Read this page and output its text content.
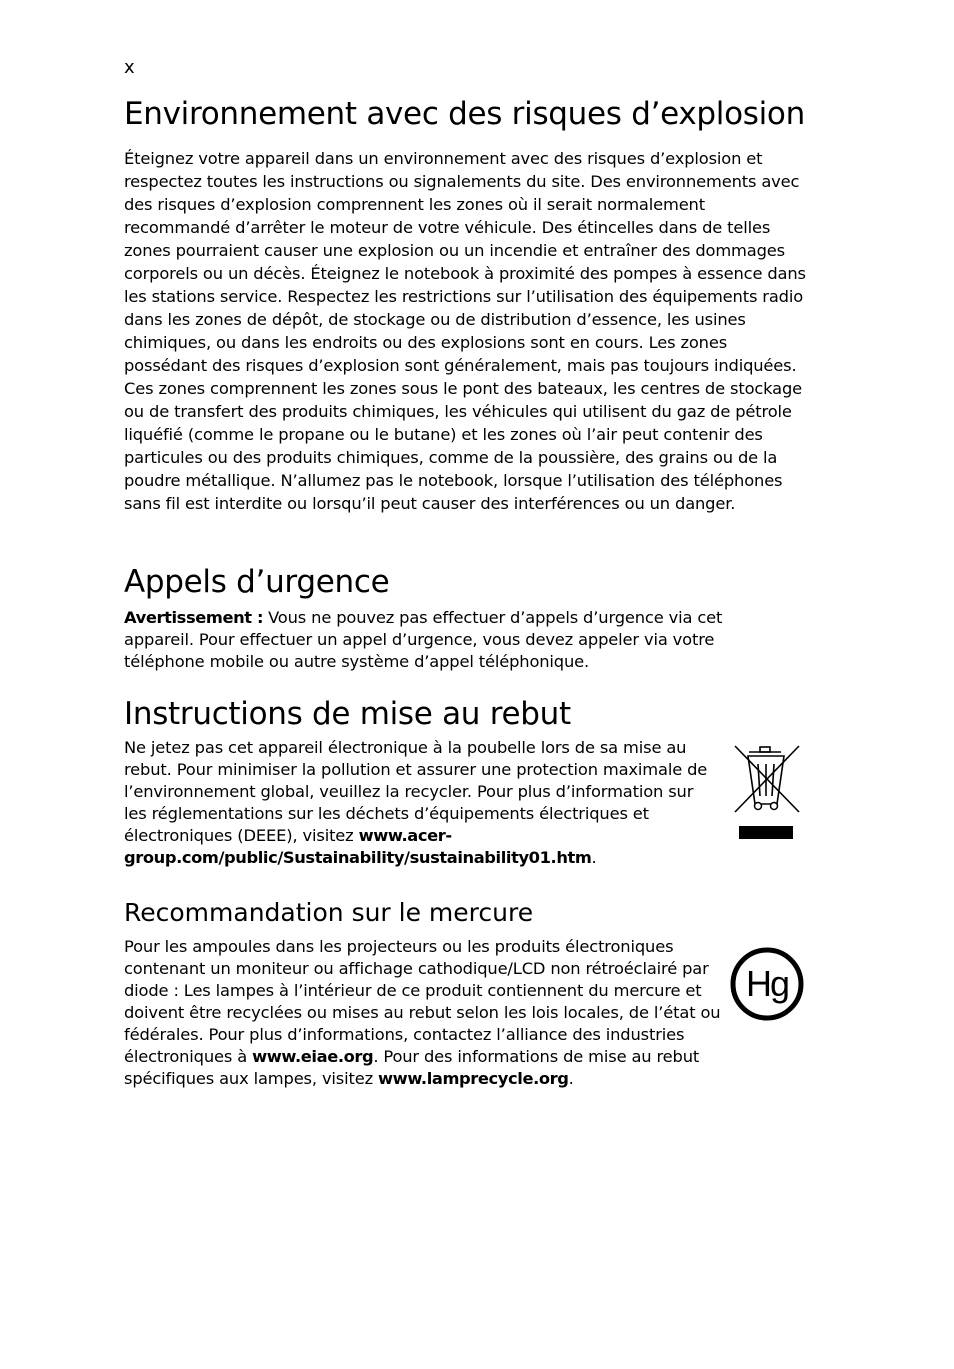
x
Environnement avec des risques d’explosion

Éteignez votre appareil dans un environnement avec des risques d’explosion et respectez toutes les instructions ou signalements du site. Des environnements avec des risques d’explosion comprennent les zones où il serait normalement recommandé d’arrêter le moteur de votre véhicule. Des étincelles dans de telles zones pourraient causer une explosion ou un incendie et entraîner des dommages corporels ou un décès. Éteignez le notebook à proximité des pompes à essence dans les stations service. Respectez les restrictions sur l’utilisation des équipements radio dans les zones de dépôt, de stockage ou de distribution d’essence, les usines chimiques, ou dans les endroits ou des explosions sont en cours. Les zones possédant des risques d’explosion sont généralement, mais pas toujours indiquées. Ces zones comprennent les zones sous le pont des bateaux, les centres de stockage ou de transfert des produits chimiques, les véhicules qui utilisent du gaz de pétrole liquéfié (comme le propane ou le butane) et les zones où l’air peut contenir des particules ou des produits chimiques, comme de la poussière, des grains ou de la poudre métallique. N’allumez pas le notebook, lorsque l’utilisation des téléphones sans fil est interdite ou lorsqu’il peut causer des interférences ou un danger.

Appels d’urgence

Avertissement : Vous ne pouvez pas effectuer d’appels d’urgence via cet appareil. Pour effectuer un appel d’urgence, vous devez appeler via votre téléphone mobile ou autre système d’appel téléphonique.

Instructions de mise au rebut

Ne jetez pas cet appareil électronique à la poubelle lors de sa mise au rebut. Pour minimiser la pollution et assurer une protection maximale de l’environnement global, veuillez la recycler. Pour plus d’information sur les réglementations sur les déchets d’équipements électriques et électroniques (DEEE), visitez www.acer-group.com/public/Sustainability/sustainability01.htm.

Recommandation sur le mercure

Pour les ampoules dans les projecteurs ou les produits électroniques contenant un moniteur ou affichage cathodique/LCD non rétroéclairé par diode : Les lampes à l’intérieur de ce produit contiennent du mercure et doivent être recyclées ou mises au rebut selon les lois locales, de l’état ou fédérales. Pour plus d’informations, contactez l’alliance des industries électroniques à www.eiae.org. Pour des informations de mise au rebut spécifiques aux lampes, visitez www.lamprecycle.org.

Hg
